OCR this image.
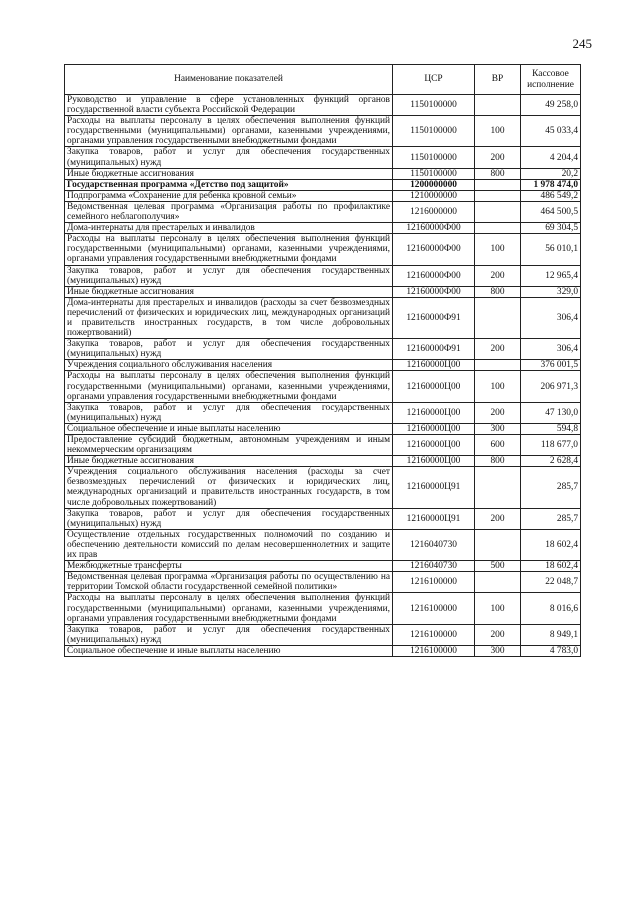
245
Наименование показателей	ЦСР	ВР	Кассовое исполнение
Руководство и управление в сфере установленных функций органов государственной власти субъекта Российской Федерации	1150100000		49 258,0
Расходы на выплаты персоналу в целях обеспечения выполнения функций государственными (муниципальными) органами, казенными учреждениями, органами управления государственными внебюджетными фондами	1150100000	100	45 033,4
Закупка товаров, работ и услуг для обеспечения государственных (муниципальных) нужд	1150100000	200	4 204,4
Иные бюджетные ассигнования	1150100000	800	20,2
Государственная программа «Детство под защитой»	1200000000		1 978 474,0
Подпрограмма «Сохранение для ребенка кровной семьи»	1210000000		486 549,2
Ведомственная целевая программа «Организация работы по профилактике семейного неблагополучия»	1216000000		464 500,5
Дома-интернаты для престарелых и инвалидов	12160000Ф00		69 304,5
Расходы на выплаты персоналу в целях обеспечения выполнения функций государственными (муниципальными) органами, казенными учреждениями, органами управления государственными внебюджетными фондами	12160000Ф00	100	56 010,1
Закупка товаров, работ и услуг для обеспечения государственных (муниципальных) нужд	12160000Ф00	200	12 965,4
Иные бюджетные ассигнования	12160000Ф00	800	329,0
Дома-интернаты для престарелых и инвалидов (расходы за счет безвозмездных перечислений от физических и юридических лиц, международных организаций и правительств иностранных государств, в том числе добровольных пожертвований)	12160000Ф91		306,4
Закупка товаров, работ и услуг для обеспечения государственных (муниципальных) нужд	12160000Ф91	200	306,4
Учреждения социального обслуживания населения	12160000Ц00		376 001,5
Расходы на выплаты персоналу в целях обеспечения выполнения функций государственными (муниципальными) органами, казенными учреждениями, органами управления государственными внебюджетными фондами	12160000Ц00	100	206 971,3
Закупка товаров, работ и услуг для обеспечения государственных (муниципальных) нужд	12160000Ц00	200	47 130,0
Социальное обеспечение и иные выплаты населению	12160000Ц00	300	594,8
Предоставление субсидий бюджетным, автономным учреждениям и иным некоммерческим организациям	12160000Ц00	600	118 677,0
Иные бюджетные ассигнования	12160000Ц00	800	2 628,4
Учреждения социального обслуживания населения (расходы за счет безвозмездных перечислений от физических и юридических лиц, международных организаций и правительств иностранных государств, в том числе добровольных пожертвований)	12160000Ц91		285,7
Закупка товаров, работ и услуг для обеспечения государственных (муниципальных) нужд	12160000Ц91	200	285,7
Осуществление отдельных государственных полномочий по созданию и обеспечению деятельности комиссий по делам несовершеннолетних и защите их прав	1216040730		18 602,4
Межбюджетные трансферты	1216040730	500	18 602,4
Ведомственная целевая программа «Организация работы по осуществлению на территории Томской области государственной семейной политики»	1216100000		22 048,7
Расходы на выплаты персоналу в целях обеспечения выполнения функций государственными (муниципальными) органами, казенными учреждениями, органами управления государственными внебюджетными фондами	1216100000	100	8 016,6
Закупка товаров, работ и услуг для обеспечения государственных (муниципальных) нужд	1216100000	200	8 949,1
Социальное обеспечение и иные выплаты населению	1216100000	300	4 783,0
